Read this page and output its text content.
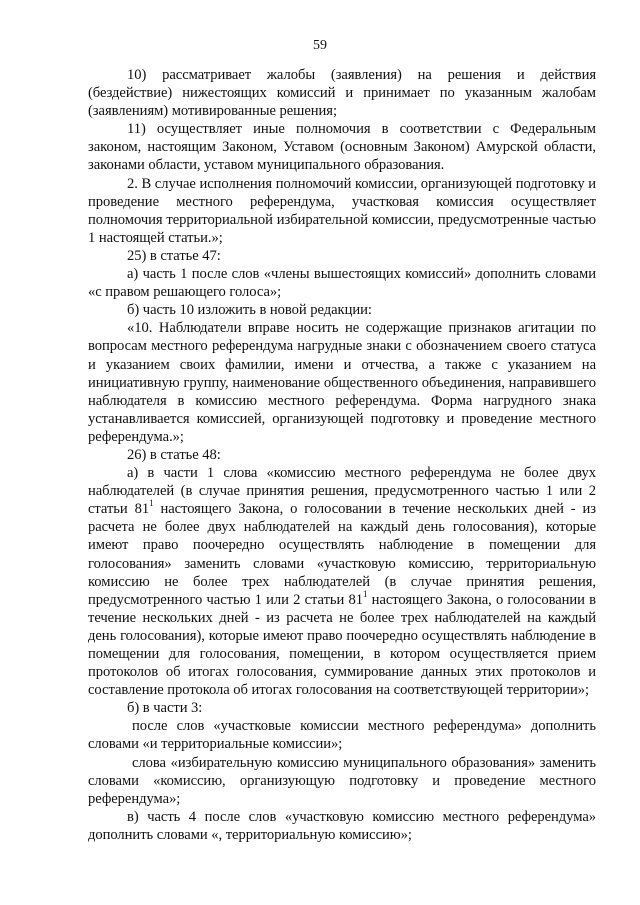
59

10) рассматривает жалобы (заявления) на решения и действия (бездействие) нижестоящих комиссий и принимает по указанным жалобам (заявлениям) мотивированные решения;

11) осуществляет иные полномочия в соответствии с Федеральным законом, настоящим Законом, Уставом (основным Законом) Амурской области, законами области, уставом муниципального образования.

2. В случае исполнения полномочий комиссии, организующей подготовку и проведение местного референдума, участковая комиссия осуществляет полномочия территориальной избирательной комиссии, предусмотренные частью 1 настоящей статьи.»;

25) в статье 47:

а) часть 1 после слов «члены вышестоящих комиссий» дополнить словами «с правом решающего голоса»;

б) часть 10 изложить в новой редакции:

«10. Наблюдатели вправе носить не содержащие признаков агитации по вопросам местного референдума нагрудные знаки с обозначением своего статуса и указанием своих фамилии, имени и отчества, а также с указанием на инициативную группу, наименование общественного объединения, направившего наблюдателя в комиссию местного референдума. Форма нагрудного знака устанавливается комиссией, организующей подготовку и проведение местного референдума.»;

26) в статье 48:

а) в части 1 слова «комиссию местного референдума не более двух наблюдателей (в случае принятия решения, предусмотренного частью 1 или 2 статьи $81^1$ настоящего Закона, о голосовании в течение нескольких дней - из расчета не более двух наблюдателей на каждый день голосования), которые имеют право поочередно осуществлять наблюдение в помещении для голосования» заменить словами «участковую комиссию, территориальную комиссию не более трех наблюдателей (в случае принятия решения, предусмотренного частью 1 или 2 статьи $81^1$ настоящего Закона, о голосовании в течение нескольких дней - из расчета не более трех наблюдателей на каждый день голосования), которые имеют право поочередно осуществлять наблюдение в помещении для голосования, помещении, в котором осуществляется прием протоколов об итогах голосования, суммирование данных этих протоколов и составление протокола об итогах голосования на соответствующей территории»;

б) в части 3:

после слов «участковые комиссии местного референдума» дополнить словами «и территориальные комиссии»;

слова «избирательную комиссию муниципального образования» заменить словами «комиссию, организующую подготовку и проведение местного референдума»;

в) часть 4 после слов «участковую комиссию местного референдума» дополнить словами «, территориальную комиссию»;
